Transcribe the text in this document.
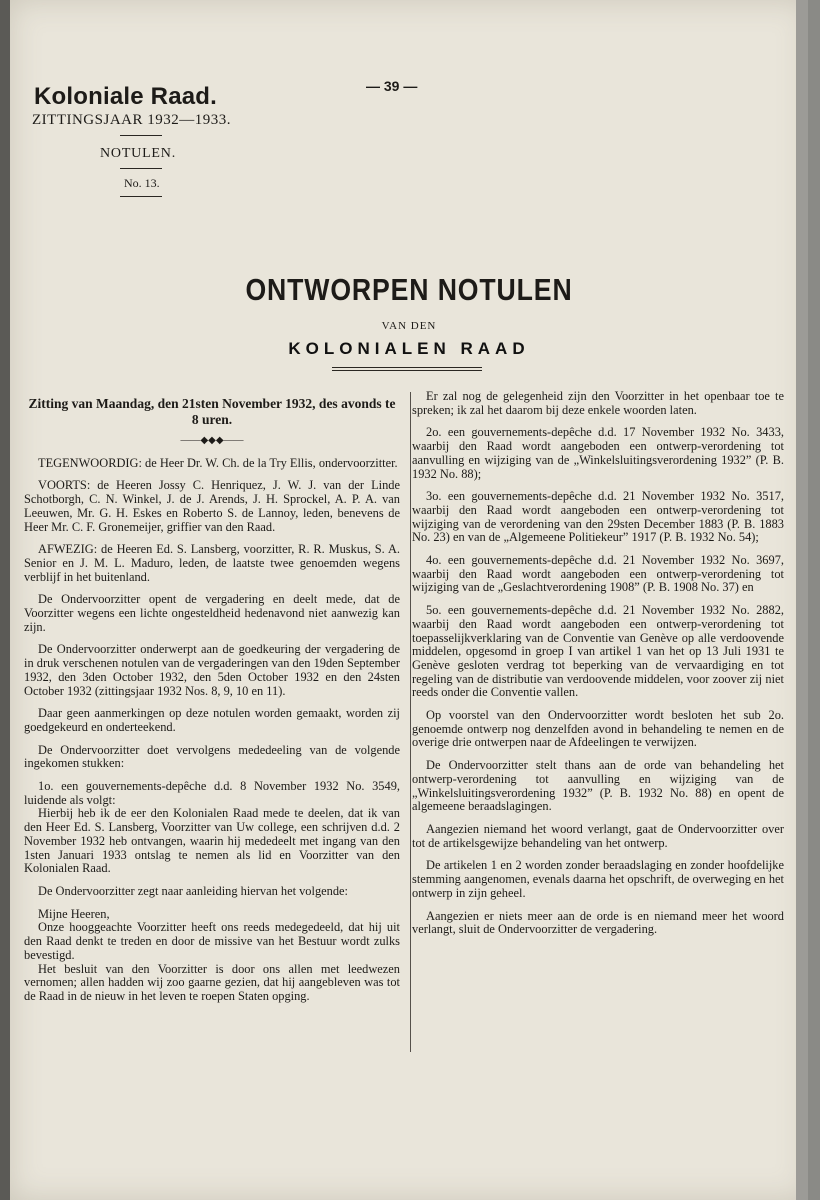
Koloniale Raad.
ZITTINGSJAAR 1932—1933.
NOTULEN.
No. 13.
— 39 —
ONTWORPEN NOTULEN
VAN DEN
KOLONIALEN RAAD
Zitting van Maandag, den 21sten November 1932, des avonds te 8 uren.
——◆◆◆——

TEGENWOORDIG: de Heer Dr. W. Ch. de la Try Ellis, ondervoorzitter.

VOORTS: de Heeren Jossy C. Henriquez, J. W. J. van der Linde Schotborgh, C. N. Winkel, J. de J. Arends, J. H. Sprockel, A. P. A. van Leeuwen, Mr. G. H. Eskes en Roberto S. de Lannoy, leden, benevens de Heer Mr. C. F. Gronemeijer, griffier van den Raad.

AFWEZIG: de Heeren Ed. S. Lansberg, voorzitter, R. R. Muskus, S. A. Senior en J. M. L. Maduro, leden, de laatste twee genoemden wegens verblijf in het buitenland.

De Ondervoorzitter opent de vergadering en deelt mede, dat de Voorzitter wegens een lichte ongesteldheid hedenavond niet aanwezig kan zijn.

De Ondervoorzitter onderwerpt aan de goedkeuring der vergadering de in druk verschenen notulen van de vergaderingen van den 19den September 1932, den 3den October 1932, den 5den October 1932 en den 24sten October 1932 (zittingsjaar 1932 Nos. 8, 9, 10 en 11).

Daar geen aanmerkingen op deze notulen worden gemaakt, worden zij goedgekeurd en onderteekend.

De Ondervoorzitter doet vervolgens mededeeling van de volgende ingekomen stukken:

1o. een gouvernements-depêche d.d. 8 November 1932 No. 3549, luidende als volgt:

Hierbij heb ik de eer den Kolonialen Raad mede te deelen, dat ik van den Heer Ed. S. Lansberg, Voorzitter van Uw college, een schrijven d.d. 2 November 1932 heb ontvangen, waarin hij mededeelt met ingang van den 1sten Januari 1933 ontslag te nemen als lid en Voorzitter van den Kolonialen Raad.

De Ondervoorzitter zegt naar aanleiding hiervan het volgende:

Mijne Heeren,

Onze hooggeachte Voorzitter heeft ons reeds medegedeeld, dat hij uit den Raad denkt te treden en door de missive van het Bestuur wordt zulks bevestigd.

Het besluit van den Voorzitter is door ons allen met leedwezen vernomen; allen hadden wij zoo gaarne gezien, dat hij aangebleven was tot de Raad in de nieuw in het leven te roepen Staten opging.

Er zal nog de gelegenheid zijn den Voorzitter in het openbaar toe te spreken; ik zal het daarom bij deze enkele woorden laten.

2o. een gouvernements-depêche d.d. 17 November 1932 No. 3433, waarbij den Raad wordt aangeboden een ontwerp-verordening tot aanvulling en wijziging van de „Winkelsluitingsverordening 1932” (P. B. 1932 No. 88);

3o. een gouvernements-depêche d.d. 21 November 1932 No. 3517, waarbij den Raad wordt aangeboden een ontwerp-verordening tot wijziging van de verordening van den 29sten December 1883 (P. B. 1883 No. 23) en van de „Algemeene Politiekeur” 1917 (P. B. 1932 No. 54);

4o. een gouvernements-depêche d.d. 21 November 1932 No. 3697, waarbij den Raad wordt aangeboden een ontwerp-verordening tot wijziging van de „Geslachtverordening 1908” (P. B. 1908 No. 37) en

5o. een gouvernements-depêche d.d. 21 November 1932 No. 2882, waarbij den Raad wordt aangeboden een ontwerp-verordening tot toepasselijkverklaring van de Conventie van Genève op alle verdoovende middelen, opgesomd in groep I van artikel 1 van het op 13 Juli 1931 te Genève gesloten verdrag tot beperking van de vervaardiging en tot regeling van de distributie van verdoovende middelen, voor zoover zij niet reeds onder die Conventie vallen.

Op voorstel van den Ondervoorzitter wordt besloten het sub 2o. genoemde ontwerp nog denzelfden avond in behandeling te nemen en de overige drie ontwerpen naar de Afdeelingen te verwijzen.

De Ondervoorzitter stelt thans aan de orde van behandeling het ontwerp-verordening tot aanvulling en wijziging van de „Winkelsluitingsverordening 1932” (P. B. 1932 No. 88) en opent de algemeene beraadslagingen.

Aangezien niemand het woord verlangt, gaat de Ondervoorzitter over tot de artikelsgewijze behandeling van het ontwerp.

De artikelen 1 en 2 worden zonder beraadslaging en zonder hoofdelijke stemming aangenomen, evenals daarna het opschrift, de overweging en het ontwerp in zijn geheel.

Aangezien er niets meer aan de orde is en niemand meer het woord verlangt, sluit de Ondervoorzitter de vergadering.
